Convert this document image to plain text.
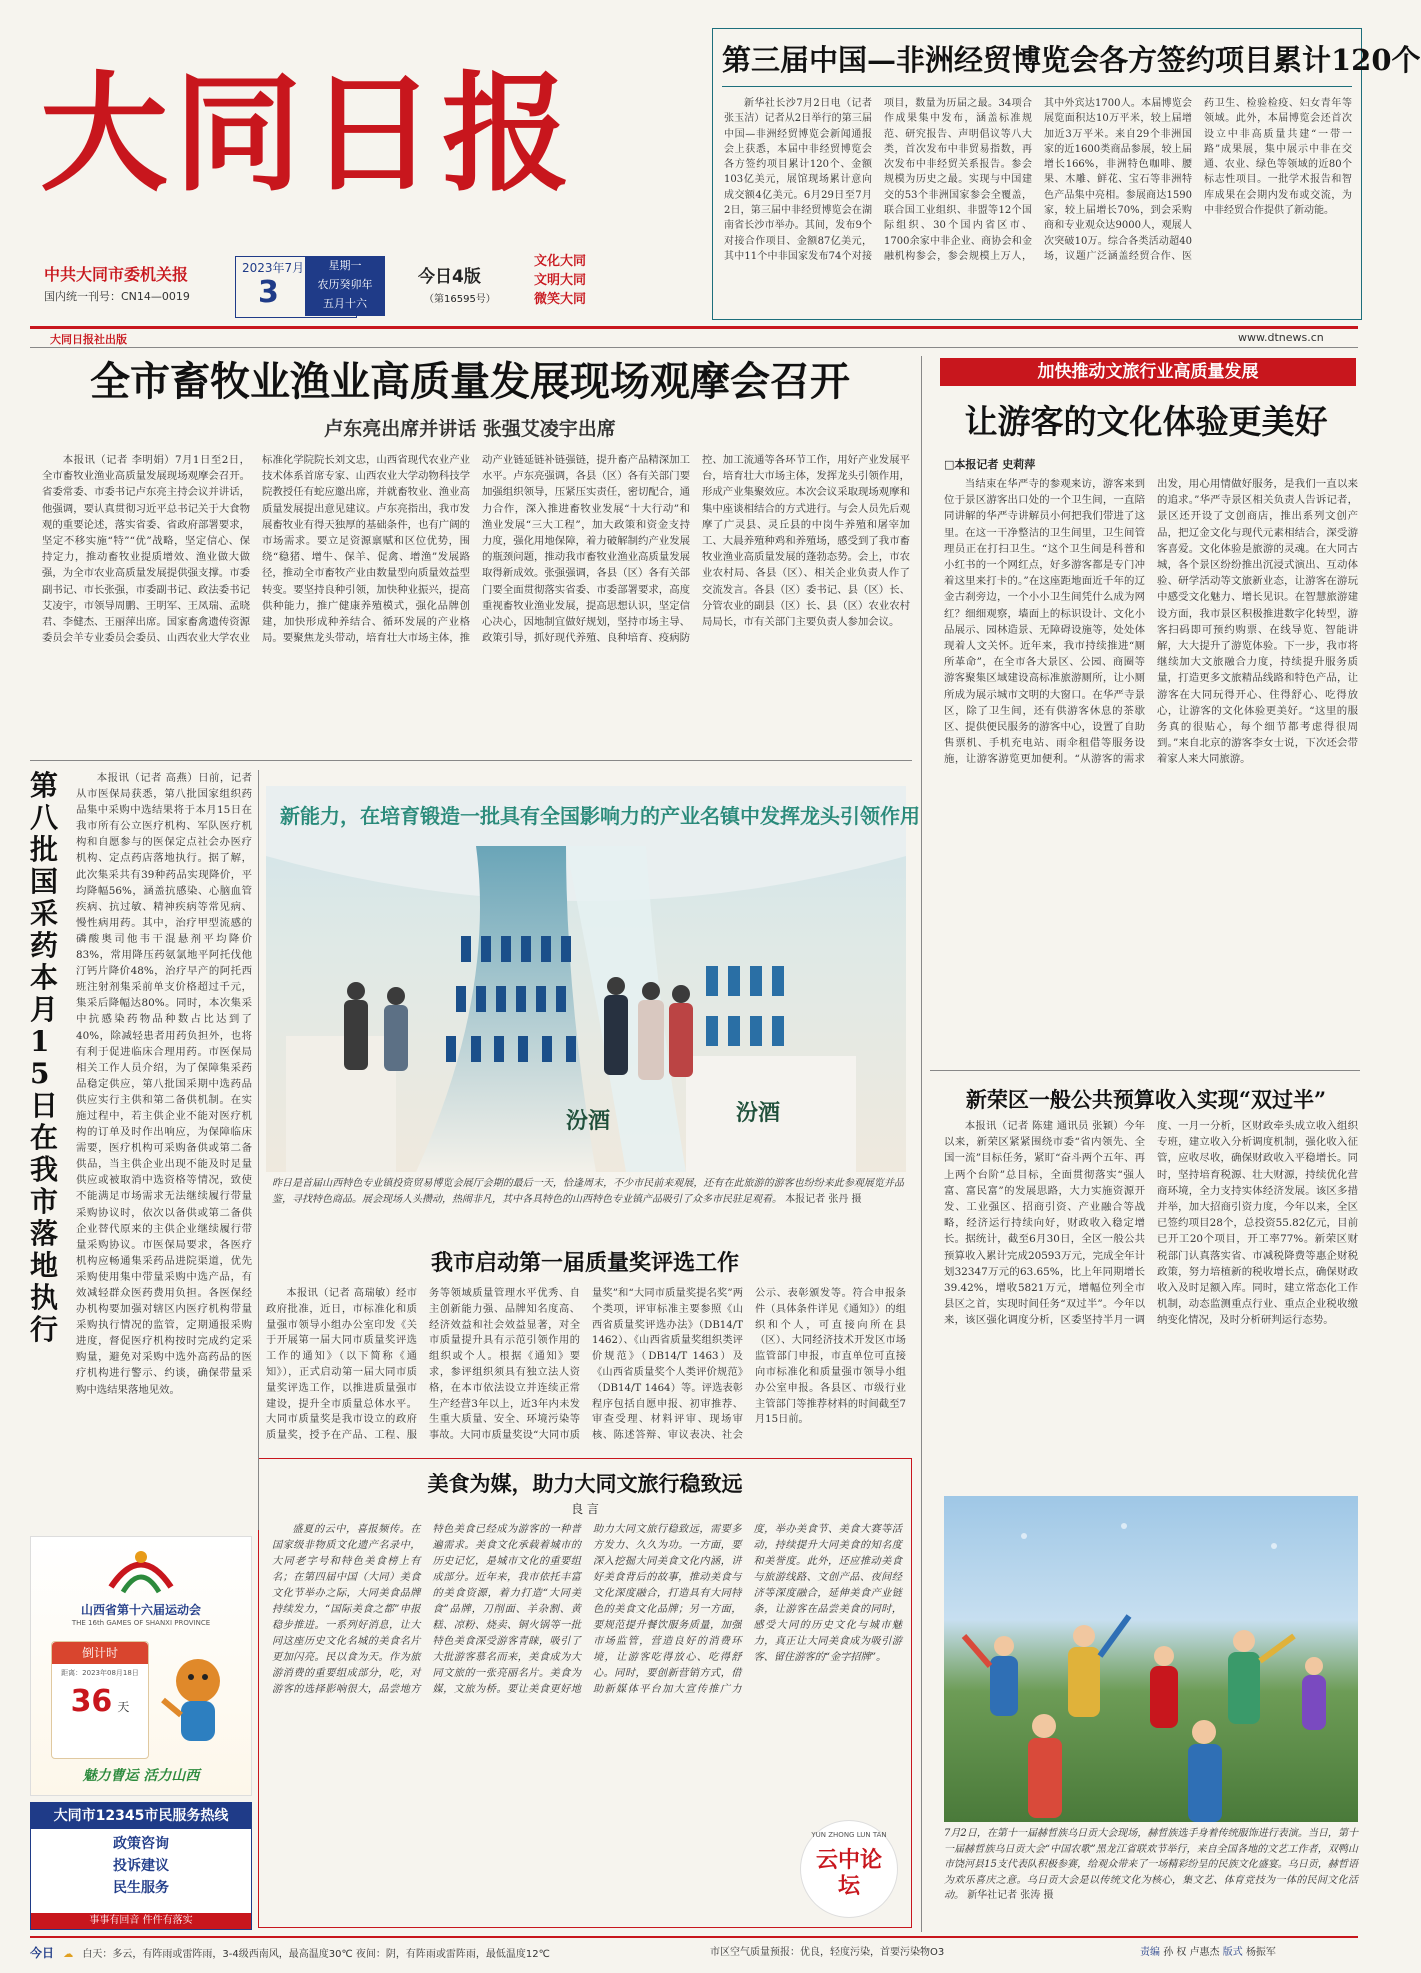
大同日报
中共大同市委机关报
国内统一刊号：CN14—0019
2023年7月
3
星期一
农历癸卯年
五月十六
今日4版
（第16595号）
文化大同
文明大同
微笑大同
第三届中国—非洲经贸博览会各方签约项目累计120个

新华社长沙7月2日电（记者 张玉洁）记者从2日举行的第三届中国—非洲经贸博览会新闻通报会上获悉，本届中非经贸博览会各方签约项目累计120个、金额103亿美元，展馆现场累计意向成交额4亿美元。6月29日至7月2日，第三届中非经贸博览会在湖南省长沙市举办。其间，发布9个对接合作项目、金额87亿美元，其中11个中非国家发布74个对接项目，数量为历届之最。34项合作成果集中发布，涵盖标准规范、研究报告、声明倡议等八大类，首次发布中非贸易指数，再次发布中非经贸关系报告。参会规模为历史之最。实现与中国建交的53个非洲国家参会全覆盖，联合国工业组织、非盟等12个国际组织、30个国内省区市、1700余家中非企业、商协会和金融机构参会，参会规模上万人，其中外宾达1700人。本届博览会展览面积达10万平米，较上届增加近3万平米。来自29个非洲国家的近1600类商品参展，较上届增长166%，非洲特色咖啡、腰果、木雕、鲜花、宝石等非洲特色产品集中亮相。参展商达1590家，较上届增长70%，到会采购商和专业观众达9000人，观展人次突破10万。综合各类活动超40场，议题广泛涵盖经贸合作、医药卫生、检验检疫、妇女青年等领域。此外，本届博览会还首次设立中非高质量共建“一带一路”成果展，集中展示中非在交通、农业、绿色等领域的近80个标志性项目。一批学术报告和智库成果在会期内发布或交流，为中非经贸合作提供了新动能。

大同日报社出版	www.dtnews.cn
全市畜牧业渔业高质量发展现场观摩会召开
卢东亮出席并讲话 张强艾凌宇出席

本报讯（记者 李明娟）7月1日至2日，全市畜牧业渔业高质量发展现场观摩会召开。省委常委、市委书记卢东亮主持会议并讲话，他强调，要认真贯彻习近平总书记关于大食物观的重要论述，落实省委、省政府部署要求，坚定不移实施“特”“优”战略，坚定信心、保持定力，推动畜牧业提质增效、渔业做大做强，为全市农业高质量发展提供强支撑。市委副书记、市长张强，市委副书记、政法委书记艾凌宇，市领导周鹏、王明军、王凤瑞、孟晓君、李健杰、王丽萍出席。国家畜禽遗传资源委员会羊专业委员会委员、山西农业大学农业标准化学院院长刘文忠，山西省现代农业产业技术体系首席专家、山西农业大学动物科技学院教授任有蛇应邀出席，并就畜牧业、渔业高质量发展提出意见建议。卢东亮指出，我市发展畜牧业有得天独厚的基础条件，也有广阔的市场需求。要立足资源禀赋和区位优势，围绕“稳猪、增牛、保羊、促禽、增渔”发展路径，推动全市畜牧产业由数量型向质量效益型转变。要坚持良种引领，加快种业振兴，提高供种能力，推广健康养殖模式，强化品牌创建，加快形成种养结合、循环发展的产业格局。要聚焦龙头带动，培育壮大市场主体，推动产业链延链补链强链，提升畜产品精深加工水平。卢东亮强调，各县（区）各有关部门要加强组织领导，压紧压实责任，密切配合，通力合作，深入推进畜牧业发展“十大行动”和渔业发展“三大工程”，加大政策和资金支持力度，强化用地保障，着力破解制约产业发展的瓶颈问题，推动我市畜牧业渔业高质量发展取得新成效。张强强调，各县（区）各有关部门要全面贯彻落实省委、市委部署要求，高度重视畜牧业渔业发展，提高思想认识，坚定信心决心，因地制宜做好规划，坚持市场主导、政策引导，抓好现代养殖、良种培育、疫病防控、加工流通等各环节工作，用好产业发展平台，培育壮大市场主体，发挥龙头引领作用，形成产业集聚效应。本次会议采取现场观摩和集中座谈相结合的方式进行。与会人员先后观摩了广灵县、灵丘县的中岗牛养殖和屠宰加工、大晨养殖种鸡和养殖场，感受到了我市畜牧业渔业高质量发展的蓬勃态势。会上，市农业农村局、各县（区）、相关企业负责人作了交流发言。各县（区）委书记、县（区）长、分管农业的副县（区）长、县（区）农业农村局局长，市有关部门主要负责人参加会议。

第八批国采药本月15日在我市落地执行

本报讯（记者 高燕）日前，记者从市医保局获悉，第八批国家组织药品集中采购中选结果将于本月15日在我市所有公立医疗机构、军队医疗机构和自愿参与的医保定点社会办医疗机构、定点药店落地执行。据了解，此次集采共有39种药品实现降价，平均降幅56%，涵盖抗感染、心脑血管疾病、抗过敏、精神疾病等常见病、慢性病用药。其中，治疗甲型流感的磷酸奥司他韦干混悬剂平均降价83%，常用降压药氨氯地平阿托伐他汀钙片降价48%，治疗早产的阿托西班注射剂集采前单支价格超过千元，集采后降幅达80%。同时，本次集采中抗感染药物品种数占比达到了40%，除减轻患者用药负担外，也将有利于促进临床合理用药。市医保局相关工作人员介绍，为了保障集采药品稳定供应，第八批国采期中选药品供应实行主供和第二备供机制。在实施过程中，若主供企业不能对医疗机构的订单及时作出响应，为保障临床需要，医疗机构可采购备供或第二备供品，当主供企业出现不能及时足量供应或被取消中选资格等情况，致使不能满足市场需求无法继续履行带量采购协议时，依次以备供或第二备供企业替代原来的主供企业继续履行带量采购协议。市医保局要求，各医疗机构应畅通集采药品进院渠道，优先采购使用集中带量采购中选产品，有效减轻群众医药费用负担。各医保经办机构要加强对辖区内医疗机构带量采购执行情况的监管，定期通报采购进度，督促医疗机构按时完成约定采购量，避免对采购中选外高药品的医疗机构进行警示、约谈，确保带量采购中选结果落地见效。

新能力，在培育锻造一批具有全国影响力的产业名镇中发挥龙头引领作用
汾酒	汾酒
昨日是首届山西特色专业镇投资贸易博览会展厅会期的最后一天，恰逢周末，不少市民前来观展，还有在此旅游的游客也纷纷来此参观展览并品鉴，寻找特色商品。展会现场人头攒动，热闹非凡，其中各具特色的山西特色专业镇产品吸引了众多市民驻足观看。 本报记者 张丹 摄
我市启动第一届质量奖评选工作

本报讯（记者 高瑞敏）经市政府批准，近日，市标准化和质量强市领导小组办公室印发《关于开展第一届大同市质量奖评选工作的通知》（以下简称《通知》），正式启动第一届大同市质量奖评选工作，以推进质量强市建设，提升全市质量总体水平。大同市质量奖是我市设立的政府质量奖，授予在产品、工程、服务等领域质量管理水平优秀、自主创新能力强、品牌知名度高、经济效益和社会效益显著，对全市质量提升具有示范引领作用的组织或个人。根据《通知》要求，参评组织须具有独立法人资格，在本市依法设立并连续正常生产经营3年以上，近3年内未发生重大质量、安全、环境污染等事故。大同市质量奖设“大同市质量奖”和“大同市质量奖提名奖”两个类项，评审标准主要参照《山西省质量奖评选办法》（DB14/T 1462）、《山西省质量奖组织类评价规范》（DB14/T 1463）及《山西省质量奖个人类评价规范》（DB14/T 1464）等。评选表彰程序包括自愿申报、初审推荐、审查受理、材料评审、现场审核、陈述答辩、审议表决、社会公示、表彰颁发等。符合申报条件（具体条件详见《通知》）的组织和个人，可直接向所在县（区）、大同经济技术开发区市场监管部门申报，市直单位可直接向市标准化和质量强市领导小组办公室申报。各县区、市级行业主管部门等推荐材料的时间截至7月15日前。

美食为媒，助力大同文旅行稳致远
良 言

盛夏的云中，喜报频传。在国家级非物质文化遗产名录中，大同老字号和特色美食榜上有名；在第四届中国（大同）美食文化节举办之际，大同美食品牌持续发力，“国际美食之都”申报稳步推进。一系列好消息，让大同这座历史文化名城的美食名片更加闪亮。民以食为天。作为旅游消费的重要组成部分，吃，对游客的选择影响很大，品尝地方特色美食已经成为游客的一种普遍需求。美食文化承载着城市的历史记忆，是城市文化的重要组成部分。近年来，我市依托丰富的美食资源，着力打造“大同美食”品牌，刀削面、羊杂割、黄糕、凉粉、烧卖、铜火锅等一批特色美食深受游客青睐，吸引了大批游客慕名而来，美食成为大同文旅的一张亮丽名片。美食为媒，文旅为桥。要让美食更好地助力大同文旅行稳致远，需要多方发力、久久为功。一方面，要深入挖掘大同美食文化内涵，讲好美食背后的故事，推动美食与文化深度融合，打造具有大同特色的美食文化品牌；另一方面，要规范提升餐饮服务质量，加强市场监管，营造良好的消费环境，让游客吃得放心、吃得舒心。同时，要创新营销方式，借助新媒体平台加大宣传推广力度，举办美食节、美食大赛等活动，持续提升大同美食的知名度和美誉度。此外，还应推动美食与旅游线路、文创产品、夜间经济等深度融合，延伸美食产业链条，让游客在品尝美食的同时，感受大同的历史文化与城市魅力，真正让大同美食成为吸引游客、留住游客的“金字招牌”。

YUN ZHONG LUN TAN
云中论坛
山西省第十六届运动会
THE 16th GAMES OF SHANXI PROVINCE
倒计时
距离：2023年08月18日
36 天
魅力曹运 活力山西
大同市12345市民服务热线
政策咨询
投诉建议
民生服务
事事有回音 件件有落实
加快推动文旅行业高质量发展
让游客的文化体验更美好
□本报记者 史莉萍

当结束在华严寺的参观来访，游客来到位于景区游客出口处的一个卫生间，一直陪同讲解的华严寺讲解员小何把我们带进了这里。在这一干净整洁的卫生间里，卫生间管理员正在打扫卫生。“这个卫生间是科普和小红书的一个网红点，好多游客都是专门冲着这里来打卡的。”在这座距地面近千年的辽金古刹旁边，一个小小卫生间凭什么成为网红？细细观察，墙面上的标识设计、文化小品展示、园林造景、无障碍设施等，处处体现着人文关怀。近年来，我市持续推进“厕所革命”，在全市各大景区、公园、商圈等游客聚集区域建设高标准旅游厕所，让小厕所成为展示城市文明的大窗口。在华严寺景区，除了卫生间，还有供游客休息的茶歇区、提供便民服务的游客中心，设置了自助售票机、手机充电站、雨伞租借等服务设施，让游客游览更加便利。“从游客的需求出发，用心用情做好服务，是我们一直以来的追求。”华严寺景区相关负责人告诉记者，景区还开设了文创商店，推出系列文创产品，把辽金文化与现代元素相结合，深受游客喜爱。文化体验是旅游的灵魂。在大同古城，各个景区纷纷推出沉浸式演出、互动体验、研学活动等文旅新业态，让游客在游玩中感受文化魅力、增长见识。在智慧旅游建设方面，我市景区积极推进数字化转型，游客扫码即可预约购票、在线导览、智能讲解，大大提升了游览体验。下一步，我市将继续加大文旅融合力度，持续提升服务质量，打造更多文旅精品线路和特色产品，让游客在大同玩得开心、住得舒心、吃得放心，让游客的文化体验更美好。“这里的服务真的很贴心，每个细节都考虑得很周到。”来自北京的游客李女士说，下次还会带着家人来大同旅游。

新荣区一般公共预算收入实现“双过半”

本报讯（记者 陈建 通讯员 张颖）今年以来，新荣区紧紧围绕市委“省内领先、全国一流”目标任务，紧盯“奋斗两个五年、再上两个台阶”总目标，全面贯彻落实“强人富、富民富”的发展思路，大力实施资源开发、工业强区、招商引资、产业融合等战略，经济运行持续向好，财政收入稳定增长。据统计，截至6月30日，全区一般公共预算收入累计完成20593万元，完成全年计划32347万元的63.65%，比上年同期增长39.42%，增收5821万元，增幅位列全市县区之首，实现时间任务“双过半”。今年以来，该区强化调度分析，区委坚持半月一调度、一月一分析，区财政牵头成立收入组织专班，建立收入分析调度机制，强化收入征管，应收尽收，确保财政收入平稳增长。同时，坚持培育税源、壮大财源，持续优化营商环境，全力支持实体经济发展。该区多措并举，加大招商引资力度，今年以来，全区已签约项目28个，总投资55.82亿元，目前已开工20个项目，开工率77%。新荣区财税部门认真落实省、市减税降费等惠企财税政策，努力培植新的税收增长点，确保财政收入及时足额入库。同时，建立常态化工作机制，动态监测重点行业、重点企业税收缴纳变化情况，及时分析研判运行态势。

7月2日，在第十一届赫哲族乌日贡大会现场，赫哲族选手身着传统服饰进行表演。当日，第十一届赫哲族乌日贡大会“中国农歌”黑龙江省联欢节举行，来自全国各地的文艺工作者，双鸭山市饶河县15支代表队积极参赛，给观众带来了一场精彩纷呈的民族文化盛宴。乌日贡，赫哲语为欢乐喜庆之意。乌日贡大会是以传统文化为核心，集文艺、体育竞技为一体的民间文化活动。 新华社记者 张涛 摄
今日 ☁ 白天：多云，有阵雨或雷阵雨，3-4级西南风，最高温度30℃ 夜间：阴，有阵雨或雷阵雨，最低温度12℃	市区空气质量预报：优良，轻度污染，首要污染物O3	责编 孙 权 卢惠杰 版式 杨振军
